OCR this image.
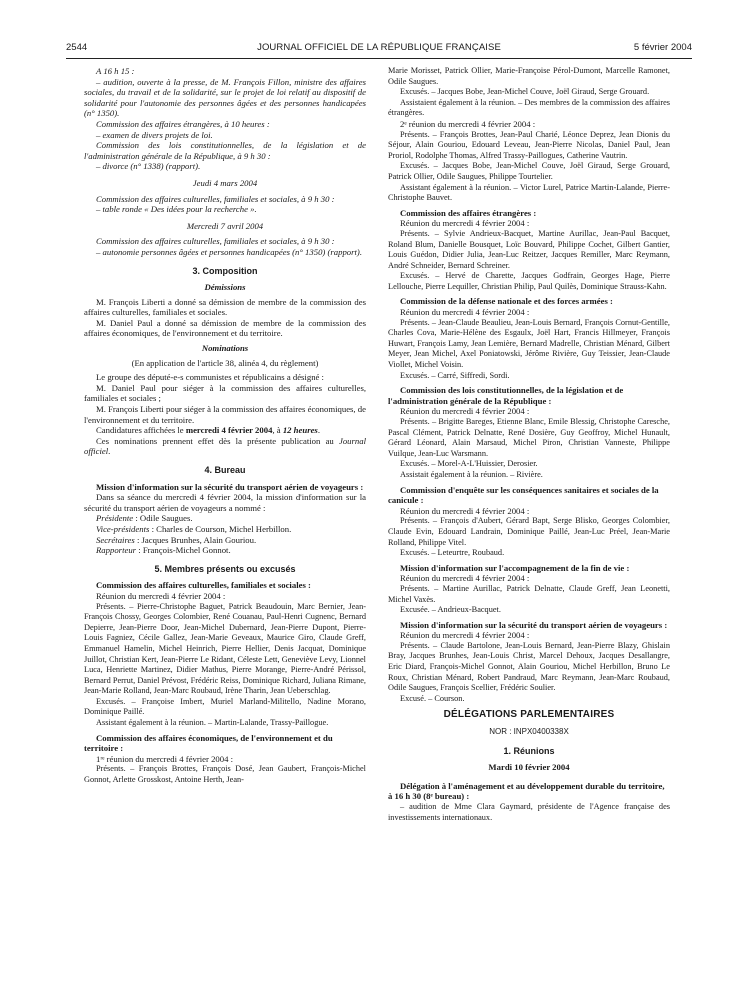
2544	JOURNAL OFFICIEL DE LA RÉPUBLIQUE FRANÇAISE	5 février 2004

A 16 h 15 :

– audition, ouverte à la presse, de M. François Fillon, ministre des affaires sociales, du travail et de la solidarité, sur le projet de loi relatif au dispositif de solidarité pour l'autonomie des personnes âgées et des personnes handicapées (n° 1350).

Commission des affaires étrangères, à 10 heures :

– examen de divers projets de loi.

Commission des lois constitutionnelles, de la législation et de l'administration générale de la République, à 9 h 30 :

– divorce (n° 1338) (rapport).

Jeudi 4 mars 2004

Commission des affaires culturelles, familiales et sociales, à 9 h 30 :

– table ronde « Des idées pour la recherche ».

Mercredi 7 avril 2004

Commission des affaires culturelles, familiales et sociales, à 9 h 30 :

– autonomie personnes âgées et personnes handicapées (n° 1350) (rapport).

3. Composition

Démissions

M. François Liberti a donné sa démission de membre de la commission des affaires culturelles, familiales et sociales.

M. Daniel Paul a donné sa démission de membre de la commission des affaires économiques, de l'environnement et du territoire.

Nominations

(En application de l'article 38, alinéa 4, du règlement)

Le groupe des député-e-s communistes et républicains a désigné :

M. Daniel Paul pour siéger à la commission des affaires culturelles, familiales et sociales ;

M. François Liberti pour siéger à la commission des affaires économiques, de l'environnement et du territoire.

Candidatures affichées le mercredi 4 février 2004, à 12 heures.

Ces nominations prennent effet dès la présente publication au Journal officiel.

4. Bureau

Mission d'information sur la sécurité du transport aérien de voyageurs :

Dans sa séance du mercredi 4 février 2004, la mission d'information sur la sécurité du transport aérien de voyageurs a nommé :

Présidente : Odile Saugues.

Vice-présidents : Charles de Courson, Michel Herbillon.

Secrétaires : Jacques Brunhes, Alain Gouriou.

Rapporteur : François-Michel Gonnot.

5. Membres présents ou excusés

Commission des affaires culturelles, familiales et sociales :

Réunion du mercredi 4 février 2004 :

Présents. – Pierre-Christophe Baguet, Patrick Beaudouin, Marc Bernier, Jean-François Chossy, Georges Colombier, René Couanau, Paul-Henri Cugnenc, Bernard Depierre, Jean-Pierre Door, Jean-Michel Dubernard, Jean-Pierre Dupont, Pierre-Louis Fagniez, Cécile Gallez, Jean-Marie Geveaux, Maurice Giro, Claude Greff, Emmanuel Hamelin, Michel Heinrich, Pierre Hellier, Denis Jacquat, Dominique Juillot, Christian Kert, Jean-Pierre Le Ridant, Céleste Lett, Geneviève Levy, Lionnel Luca, Henriette Martinez, Didier Mathus, Pierre Morange, Pierre-André Périssol, Bernard Perrut, Daniel Prévost, Frédéric Reiss, Dominique Richard, Juliana Rimane, Jean-Marie Rolland, Jean-Marc Roubaud, Irène Tharin, Jean Ueberschlag.

Excusés. – Françoise Imbert, Muriel Marland-Militello, Nadine Morano, Dominique Paillé.

Assistant également à la réunion. – Martin-Lalande, Trassy-Paillogue.

Commission des affaires économiques, de l'environnement et du territoire :

1ʳᵉ réunion du mercredi 4 février 2004 :

Présents. – François Brottes, François Dosé, Jean Gaubert, François-Michel Gonnot, Arlette Grosskost, Antoine Herth, Jean-

Marie Morisset, Patrick Ollier, Marie-Françoise Pérol-Dumont, Marcelle Ramonet, Odile Saugues.

Excusés. – Jacques Bobe, Jean-Michel Couve, Joël Giraud, Serge Grouard.

Assistaient également à la réunion. – Des membres de la commission des affaires étrangères.

2ᵉ réunion du mercredi 4 février 2004 :

Présents. – François Brottes, Jean-Paul Charié, Léonce Deprez, Jean Dionis du Séjour, Alain Gouriou, Edouard Leveau, Jean-Pierre Nicolas, Daniel Paul, Jean Proriol, Rodolphe Thomas, Alfred Trassy-Paillogues, Catherine Vautrin.

Excusés. – Jacques Bobe, Jean-Michel Couve, Joël Giraud, Serge Grouard, Patrick Ollier, Odile Saugues, Philippe Tourtelier.

Assistant également à la réunion. – Victor Lurel, Patrice Martin-Lalande, Pierre-Christophe Bauvet.

Commission des affaires étrangères :

Réunion du mercredi 4 février 2004 :

Présents. – Sylvie Andrieux-Bacquet, Martine Aurillac, Jean-Paul Bacquet, Roland Blum, Danielle Bousquet, Loïc Bouvard, Philippe Cochet, Gilbert Gantier, Louis Guédon, Didier Julia, Jean-Luc Reitzer, Jacques Remiller, Marc Reymann, André Schneider, Bernard Schreiner.

Excusés. – Hervé de Charette, Jacques Godfrain, Georges Hage, Pierre Lellouche, Pierre Lequiller, Christian Philip, Paul Quilès, Dominique Strauss-Kahn.

Commission de la défense nationale et des forces armées :

Réunion du mercredi 4 février 2004 :

Présents. – Jean-Claude Beaulieu, Jean-Louis Bernard, François Cornut-Gentille, Charles Cova, Marie-Hélène des Esgaulx, Joël Hart, Francis Hillmeyer, François Huwart, François Lamy, Jean Lemière, Bernard Madrelle, Christian Ménard, Gilbert Meyer, Jean Michel, Axel Poniatowski, Jérôme Rivière, Guy Teissier, Jean-Claude Viollet, Michel Voisin.

Excusés. – Carré, Siffredi, Sordi.

Commission des lois constitutionnelles, de la législation et de l'administration générale de la République :

Réunion du mercredi 4 février 2004 :

Présents. – Brigitte Bareges, Etienne Blanc, Emile Blessig, Christophe Caresche, Pascal Clément, Patrick Delnatte, René Dosière, Guy Geoffroy, Michel Hunault, Gérard Léonard, Alain Marsaud, Michel Piron, Christian Vanneste, Philippe Vuilque, Jean-Luc Warsmann.

Excusés. – Morel-A-L'Huissier, Derosier.

Assistait également à la réunion. – Rivière.

Commission d'enquête sur les conséquences sanitaires et sociales de la canicule :

Réunion du mercredi 4 février 2004 :

Présents. – François d'Aubert, Gérard Bapt, Serge Blisko, Georges Colombier, Claude Evin, Edouard Landrain, Dominique Paillé, Jean-Luc Préel, Jean-Marie Rolland, Philippe Vitel.

Excusés. – Leteurtre, Roubaud.

Mission d'information sur l'accompagnement de la fin de vie :

Réunion du mercredi 4 février 2004 :

Présents. – Martine Aurillac, Patrick Delnatte, Claude Greff, Jean Leonetti, Michel Vaxès.

Excusée. – Andrieux-Bacquet.

Mission d'information sur la sécurité du transport aérien de voyageurs :

Réunion du mercredi 4 février 2004 :

Présents. – Claude Bartolone, Jean-Louis Bernard, Jean-Pierre Blazy, Ghislain Bray, Jacques Brunhes, Jean-Louis Christ, Marcel Dehoux, Jacques Desallangre, Eric Diard, François-Michel Gonnot, Alain Gouriou, Michel Herbillon, Bruno Le Roux, Christian Ménard, Robert Pandraud, Marc Reymann, Jean-Marc Roubaud, Odile Saugues, François Scellier, Frédéric Soulier.

Excusé. – Courson.

DÉLÉGATIONS PARLEMENTAIRES

NOR : INPX0400338X

1. Réunions

Mardi 10 février 2004

Délégation à l'aménagement et au développement durable du territoire, à 16 h 30 (8ᵉ bureau) :

– audition de Mme Clara Gaymard, présidente de l'Agence française des investissements internationaux.
